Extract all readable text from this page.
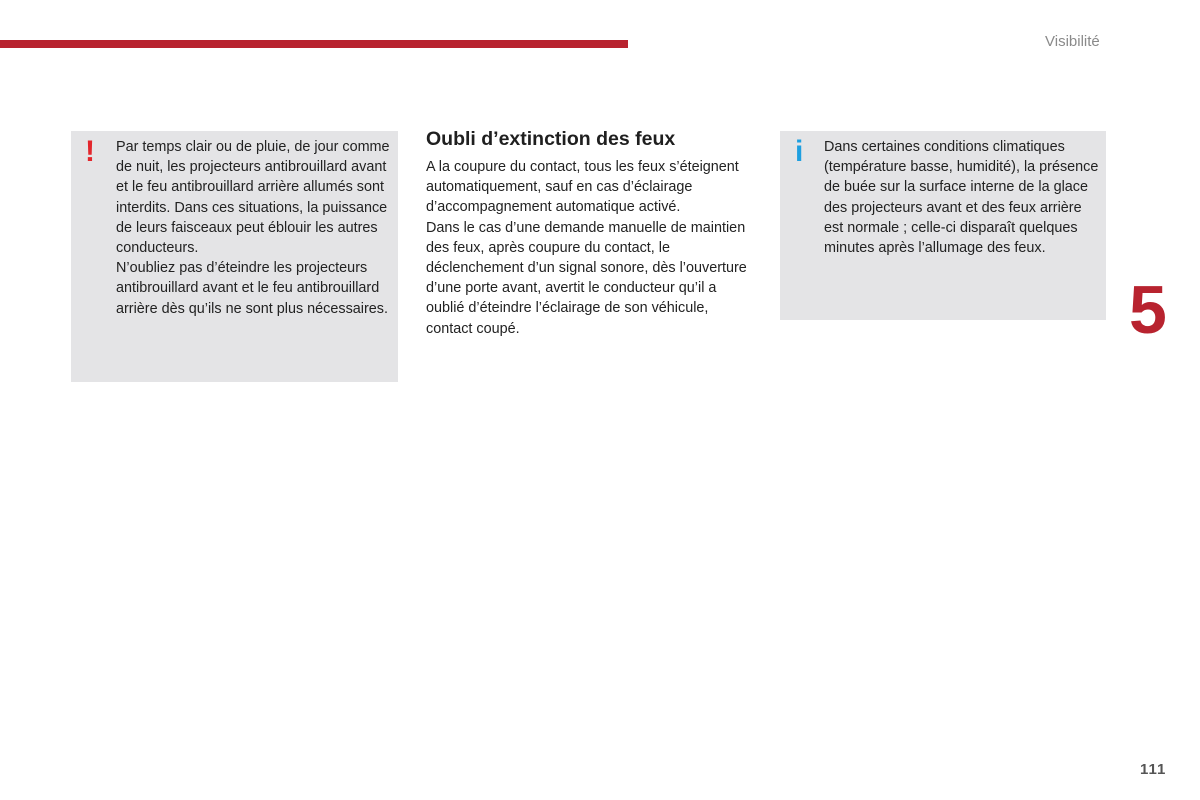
Visibilité
! Par temps clair ou de pluie, de jour comme de nuit, les projecteurs antibrouillard avant et le feu antibrouillard arrière allumés sont interdits. Dans ces situations, la puissance de leurs faisceaux peut éblouir les autres conducteurs.

N’oubliez pas d’éteindre les projecteurs antibrouillard avant et le feu antibrouillard arrière dès qu’ils ne sont plus nécessaires.

Oubli d’extinction des feux

A la coupure du contact, tous les feux s’éteignent automatiquement, sauf en cas d’éclairage d’accompagnement automatique activé.

Dans le cas d’une demande manuelle de maintien des feux, après coupure du contact, le déclenchement d’un signal sonore, dès l’ouverture d’une porte avant, avertit le conducteur qu’il a oublié d’éteindre l’éclairage de son véhicule, contact coupé.

i Dans certaines conditions climatiques (température basse, humidité), la présence de buée sur la surface interne de la glace des projecteurs avant et des feux arrière est normale ; celle-ci disparaît quelques minutes après l’allumage des feux.

5
111
